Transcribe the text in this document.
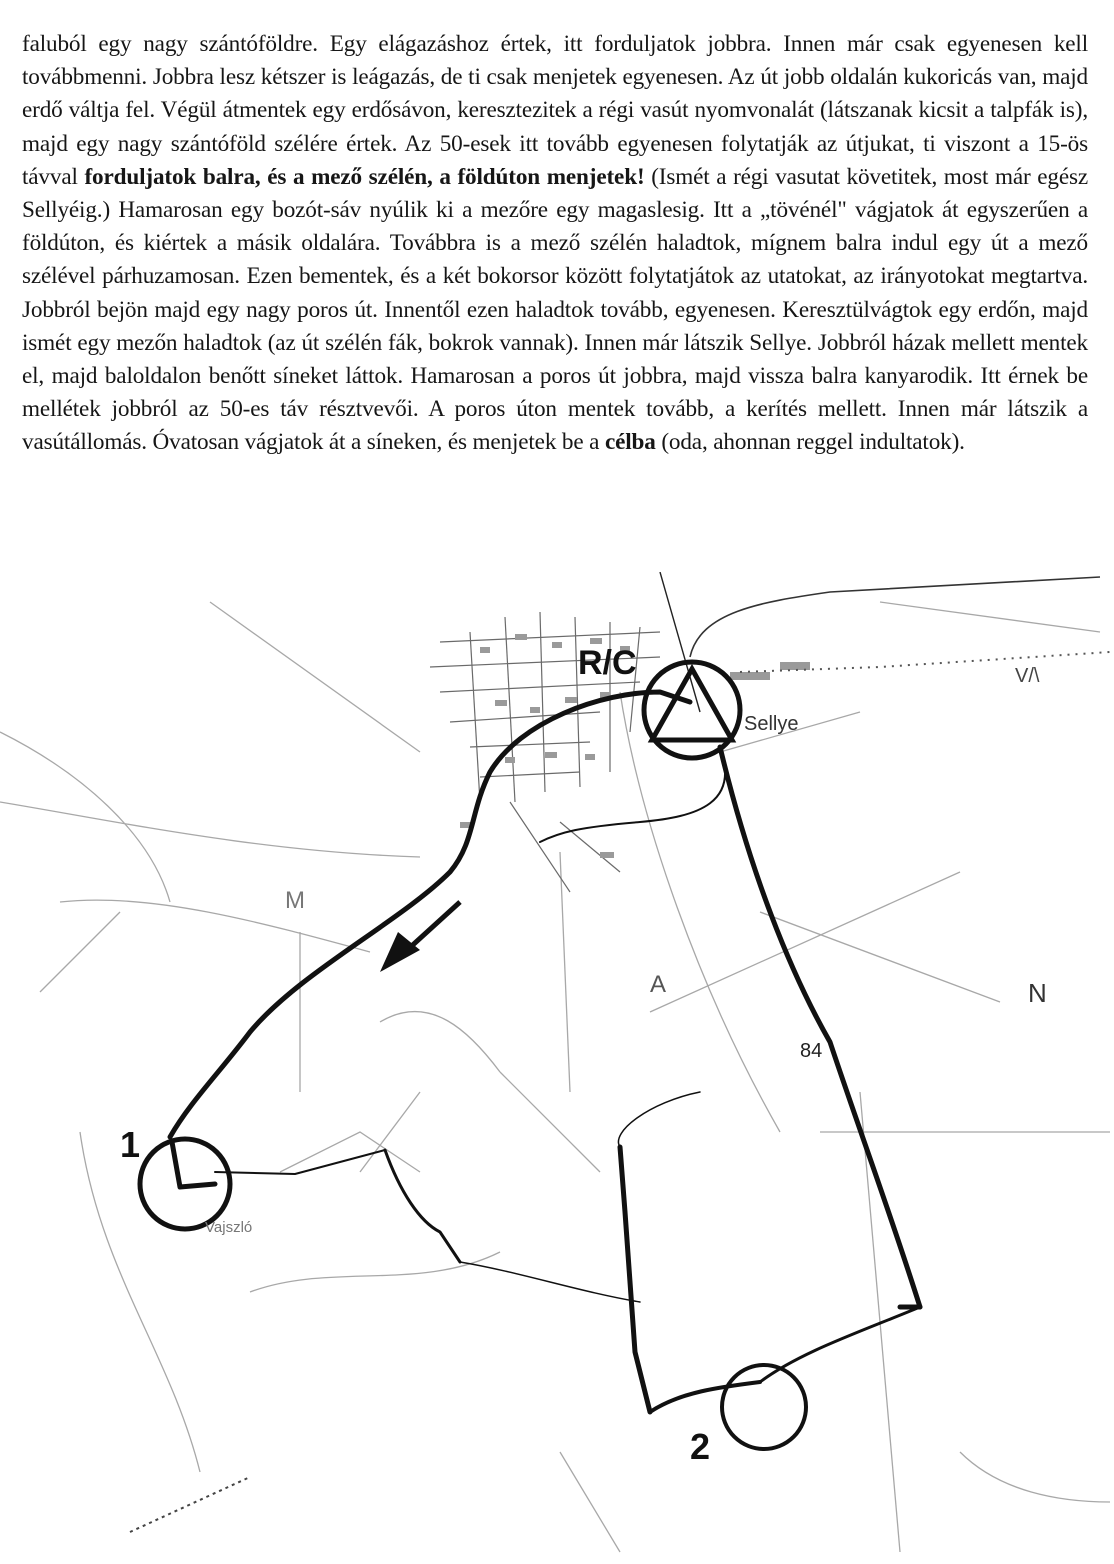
faluból egy nagy szántóföldre. Egy elágazáshoz értek, itt forduljatok jobbra. Innen már csak egyenesen kell továbbmenni. Jobbra lesz kétszer is leágazás, de ti csak menjetek egyenesen. Az út jobb oldalán kukoricás van, majd erdő váltja fel. Végül átmentek egy erdősávon, keresztezitek a régi vasút nyomvonalát (látszanak kicsit a talpfák is), majd egy nagy szántóföld szélére értek. Az 50-esek itt tovább egyenesen folytatják az útjukat, ti viszont a 15-ös távval forduljatok balra, és a mező szélén, a földúton menjetek! (Ismét a régi vasutat követitek, most már egész Sellyéig.) Hamarosan egy bozót-sáv nyúlik ki a mezőre egy magaslesig. Itt a „tövénél" vágjatok át egyszerűen a földúton, és kiértek a másik oldalára. Továbbra is a mező szélén haladtok, mígnem balra indul egy út a mező szélével párhuzamosan. Ezen bementek, és a két bokorsor között folytatjátok az utatokat, az irányotokat megtartva. Jobbról bejön majd egy nagy poros út. Innentől ezen haladtok tovább, egyenesen. Keresztülvágtok egy erdőn, majd ismét egy mezőn haladtok (az út szélén fák, bokrok vannak). Innen már látszik Sellye. Jobbról házak mellett mentek el, majd baloldalon benőtt síneket láttok. Hamarosan a poros út jobbra, majd vissza balra kanyarodik. Itt érnek be mellétek jobbról az 50-es táv résztvevői. A poros úton mentek tovább, a kerítés mellett. Innen már látszik a vasútállomás. Óvatosan vágjatok át a síneken, és menjetek be a célba (oda, ahonnan reggel indultatok).

R/C
Sellye
1
2
84
A
M
N
V/\
Vajszló
